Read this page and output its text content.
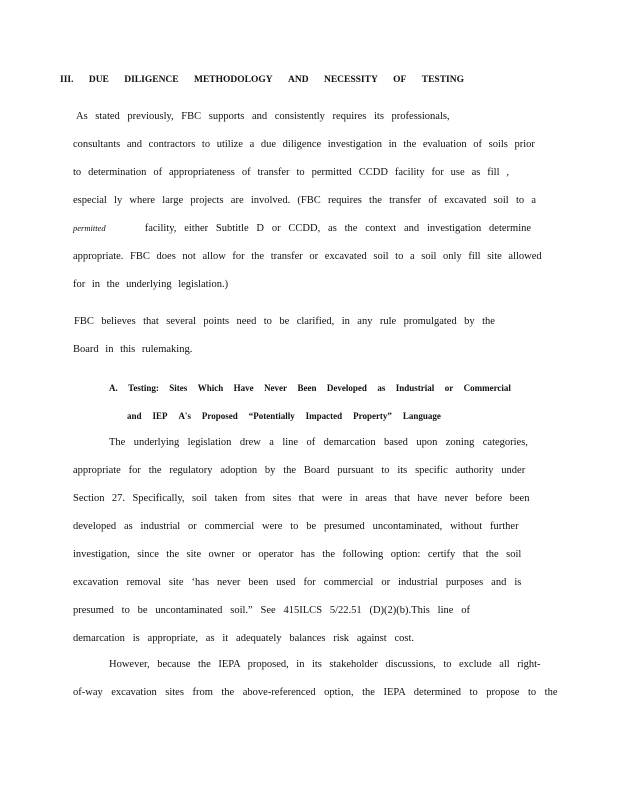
III. DUE DILIGENCE METHODOLOGY AND NECESSITY OF TESTING
As stated previously, FBC supports and consistently requires its professionals,
consultants and contractors to utilize a due diligence investigation in the evaluation of soils prior
to determination of appropriateness of transfer to permitted CCDD facility for use as fill ,
especial ly where large projects are involved. (FBC requires the transfer of excavated soil to a
permitted	facility, either Subtitle D or CCDD, as the context and investigation determine
appropriate. FBC does not allow for the transfer or excavated soil to a soil only fill site allowed
for in the underlying legislation.)
FBC believes that several points need to be clarified, in any rule promulgated by the
Board in this rulemaking.
A. Testing: Sites Which Have Never Been Developed as Industrial or Commercial
and IEP A's Proposed “Potentially Impacted Property” Language
The underlying legislation drew a line of demarcation based upon zoning categories,
appropriate for the regulatory adoption by the Board pursuant to its specific authority under
Section 27. Specifically, soil taken from sites that were in areas that have never before been
developed as industrial or commercial were to be presumed uncontaminated, without further
investigation, since the site owner or operator has the following option: certify that the soil
excavation removal site ‘has never been used for commercial or industrial purposes and is
presumed to be uncontaminated soil.” See 415ILCS 5/22.51 (D)(2)(b).This line of
demarcation is appropriate, as it adequately balances risk against cost.
However, because the IEPA proposed, in its stakeholder discussions, to exclude all right-
of-way excavation sites from the above-referenced option, the IEPA determined to propose to the
